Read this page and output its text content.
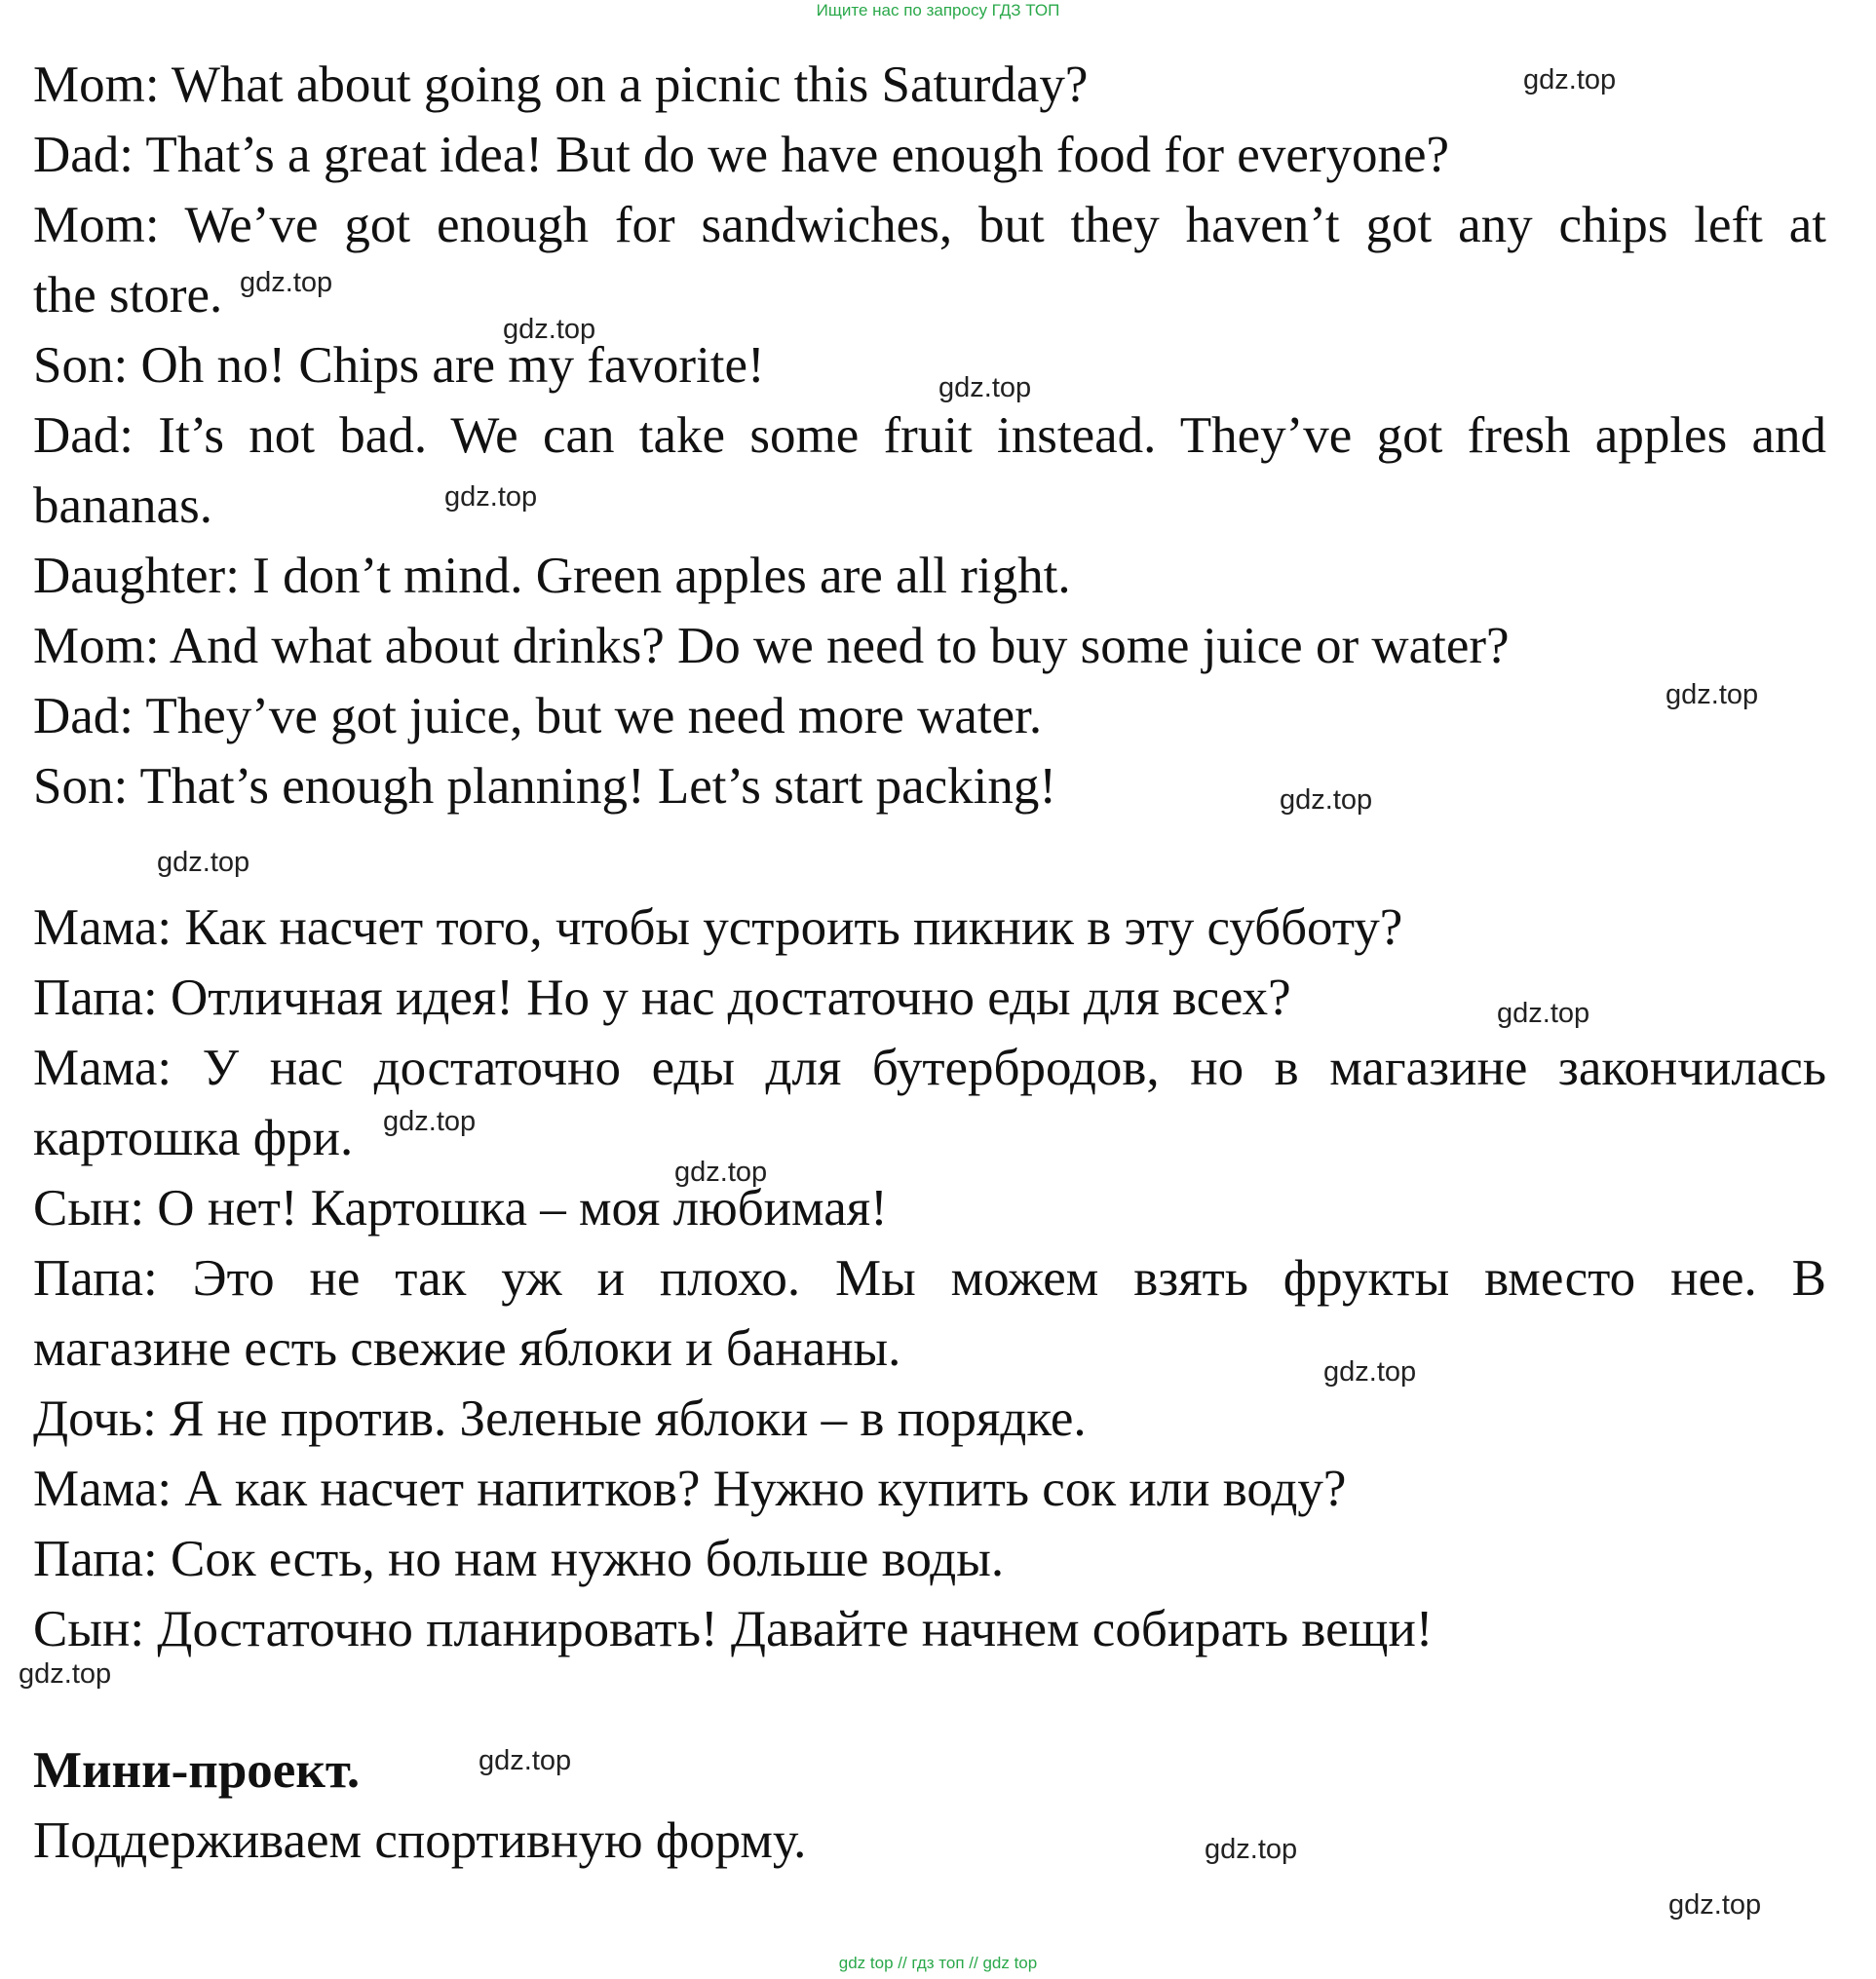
Ищите нас по запросу ГДЗ ТОП

Mom: What about going on a picnic this Saturday?

Dad: That’s a great idea! But do we have enough food for everyone?

Mom: We’ve got enough for sandwiches, but they haven’t got any chips left at

the store.

Son: Oh no! Chips are my favorite!

Dad: It’s not bad. We can take some fruit instead. They’ve got fresh apples and

bananas.

Daughter: I don’t mind. Green apples are all right.

Mom: And what about drinks? Do we need to buy some juice or water?

Dad: They’ve got juice, but we need more water.

Son: That’s enough planning! Let’s start packing!

Мама: Как насчет того, чтобы устроить пикник в эту субботу?

Папа: Отличная идея! Но у нас достаточно еды для всех?

Мама: У нас достаточно еды для бутербродов, но в магазине закончилась

картошка фри.

Сын: О нет! Картошка – моя любимая!

Папа: Это не так уж и плохо. Мы можем взять фрукты вместо нее. В

магазине есть свежие яблоки и бананы.

Дочь: Я не против. Зеленые яблоки – в порядке.

Мама: А как насчет напитков? Нужно купить сок или воду?

Папа: Сок есть, но нам нужно больше воды.

Сын: Достаточно планировать! Давайте начнем собирать вещи!

Мини-проект.

Поддерживаем спортивную форму.

gdz.top
gdz.top
gdz.top
gdz.top
gdz.top
gdz.top
gdz.top
gdz.top
gdz.top
gdz.top
gdz.top
gdz.top
gdz.top
gdz.top
gdz.top
gdz.top
gdz top // гдз топ // gdz top
